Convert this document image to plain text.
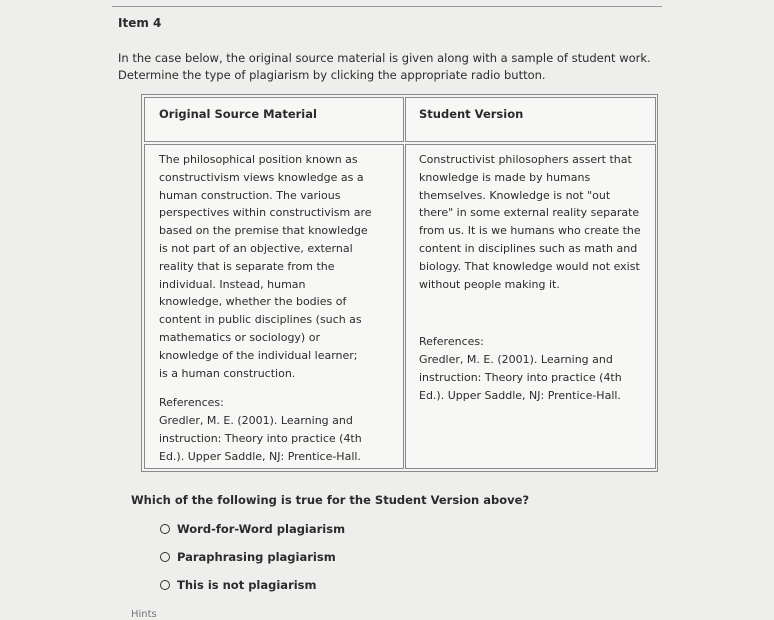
Item 4
In the case below, the original source material is given along with a sample of student work.
Determine the type of plagiarism by clicking the appropriate radio button.
Original Source Material	Student Version
The philosophical position known as
constructivism views knowledge as a
human construction. The various
perspectives within constructivism are
based on the premise that knowledge
is not part of an objective, external
reality that is separate from the
individual. Instead, human
knowledge, whether the bodies of
content in public disciplines (such as
mathematics or sociology) or
knowledge of the individual learner;
is a human construction.
References:
Gredler, M. E. (2001). Learning and
instruction: Theory into practice (4th
Ed.). Upper Saddle, NJ: Prentice-Hall.
Constructivist philosophers assert that
knowledge is made by humans
themselves. Knowledge is not "out
there" in some external reality separate
from us. It is we humans who create the
content in disciplines such as math and
biology. That knowledge would not exist
without people making it.
References:
Gredler, M. E. (2001). Learning and
instruction: Theory into practice (4th
Ed.). Upper Saddle, NJ: Prentice-Hall.
Which of the following is true for the Student Version above?
Word-for-Word plagiarism
Paraphrasing plagiarism
This is not plagiarism
Hints
